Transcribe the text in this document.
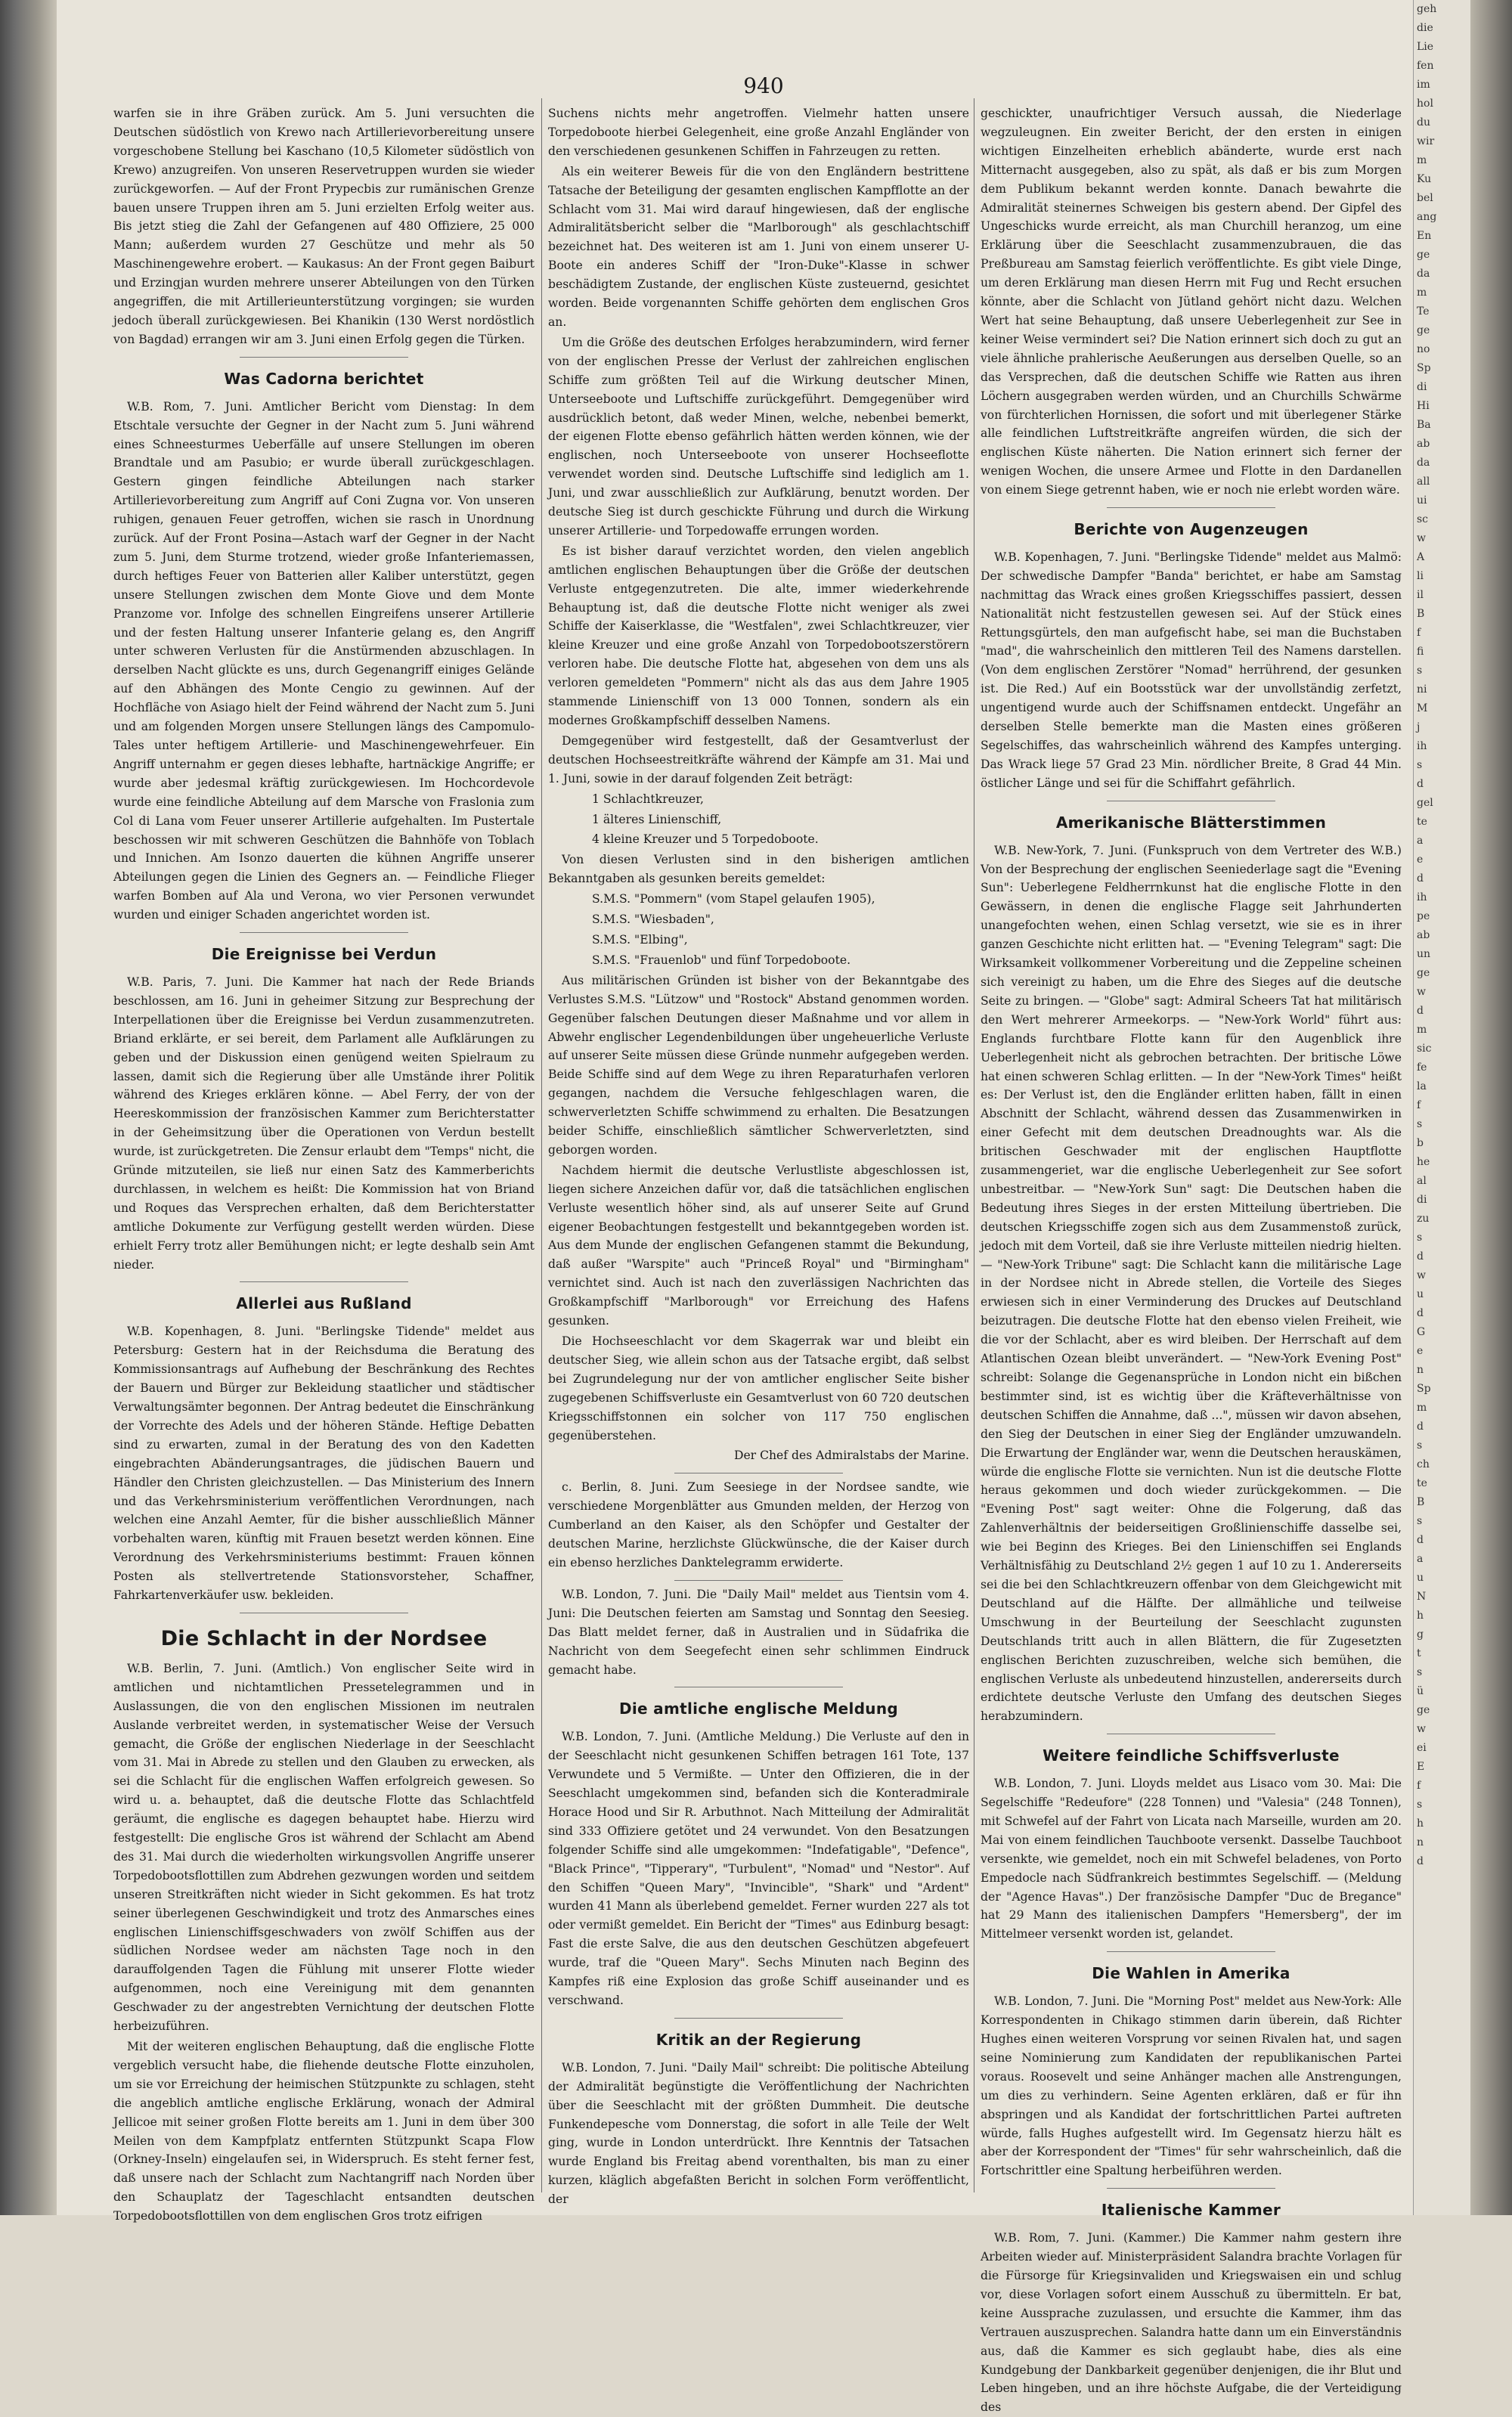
940

warfen sie in ihre Gräben zurück. Am 5. Juni versuchten die Deutschen südöstlich von Krewo nach Artillerievorbereitung unsere vorgeschobene Stellung bei Kaschano (10,5 Kilometer südöstlich von Krewo) anzugreifen. Von unseren Reservetruppen wurden sie wieder zurückgeworfen. — Auf der Front Prypecbis zur rumänischen Grenze bauen unsere Truppen ihren am 5. Juni erzielten Erfolg weiter aus. Bis jetzt stieg die Zahl der Gefangenen auf 480 Offiziere, 25 000 Mann; außerdem wurden 27 Geschütze und mehr als 50 Maschinengewehre erobert. — Kaukasus: An der Front gegen Baiburt und Erzingjan wurden mehrere unserer Abteilungen von den Türken angegriffen, die mit Artillerieunterstützung vorgingen; sie wurden jedoch überall zurückgewiesen. Bei Khanikin (130 Werst nordöstlich von Bagdad) errangen wir am 3. Juni einen Erfolg gegen die Türken.

Was Cadorna berichtet

W.B. Rom, 7. Juni. Amtlicher Bericht vom Dienstag: In dem Etschtale versuchte der Gegner in der Nacht zum 5. Juni während eines Schneesturmes Ueberfälle auf unsere Stellungen im oberen Brandtale und am Pasubio; er wurde überall zurückgeschlagen. Gestern gingen feindliche Abteilungen nach starker Artillerievorbereitung zum Angriff auf Coni Zugna vor. Von unseren ruhigen, genauen Feuer getroffen, wichen sie rasch in Unordnung zurück. Auf der Front Posina—Astach warf der Gegner in der Nacht zum 5. Juni, dem Sturme trotzend, wieder große Infanteriemassen, durch heftiges Feuer von Batterien aller Kaliber unterstützt, gegen unsere Stellungen zwischen dem Monte Giove und dem Monte Pranzome vor. Infolge des schnellen Eingreifens unserer Artillerie und der festen Haltung unserer Infanterie gelang es, den Angriff unter schweren Verlusten für die Anstürmenden abzuschlagen. In derselben Nacht glückte es uns, durch Gegenangriff einiges Gelände auf den Abhängen des Monte Cengio zu gewinnen. Auf der Hochfläche von Asiago hielt der Feind während der Nacht zum 5. Juni und am folgenden Morgen unsere Stellungen längs des Campomulo-Tales unter heftigem Artillerie- und Maschinengewehrfeuer. Ein Angriff unternahm er gegen dieses lebhafte, hartnäckige Angriffe; er wurde aber jedesmal kräftig zurückgewiesen. Im Hochcordevole wurde eine feindliche Abteilung auf dem Marsche von Fraslonia zum Col di Lana vom Feuer unserer Artillerie aufgehalten. Im Pustertale beschossen wir mit schweren Geschützen die Bahnhöfe von Toblach und Innichen. Am Isonzo dauerten die kühnen Angriffe unserer Abteilungen gegen die Linien des Gegners an. — Feindliche Flieger warfen Bomben auf Ala und Verona, wo vier Personen verwundet wurden und einiger Schaden angerichtet worden ist.

Die Ereignisse bei Verdun

W.B. Paris, 7. Juni. Die Kammer hat nach der Rede Briands beschlossen, am 16. Juni in geheimer Sitzung zur Besprechung der Interpellationen über die Ereignisse bei Verdun zusammenzutreten. Briand erklärte, er sei bereit, dem Parlament alle Aufklärungen zu geben und der Diskussion einen genügend weiten Spielraum zu lassen, damit sich die Regierung über alle Umstände ihrer Politik während des Krieges erklären könne. — Abel Ferry, der von der Heereskommission der französischen Kammer zum Berichterstatter in der Geheimsitzung über die Operationen von Verdun bestellt wurde, ist zurückgetreten. Die Zensur erlaubt dem "Temps" nicht, die Gründe mitzuteilen, sie ließ nur einen Satz des Kammerberichts durchlassen, in welchem es heißt: Die Kommission hat von Briand und Roques das Versprechen erhalten, daß dem Berichterstatter amtliche Dokumente zur Verfügung gestellt werden würden. Diese erhielt Ferry trotz aller Bemühungen nicht; er legte deshalb sein Amt nieder.

Allerlei aus Rußland

W.B. Kopenhagen, 8. Juni. "Berlingske Tidende" meldet aus Petersburg: Gestern hat in der Reichsduma die Beratung des Kommissionsantrags auf Aufhebung der Beschränkung des Rechtes der Bauern und Bürger zur Bekleidung staatlicher und städtischer Verwaltungsämter begonnen. Der Antrag bedeutet die Einschränkung der Vorrechte des Adels und der höheren Stände. Heftige Debatten sind zu erwarten, zumal in der Beratung des von den Kadetten eingebrachten Abänderungsantrages, die jüdischen Bauern und Händler den Christen gleichzustellen. — Das Ministerium des Innern und das Verkehrsministerium veröffentlichen Verordnungen, nach welchen eine Anzahl Aemter, für die bisher ausschließlich Männer vorbehalten waren, künftig mit Frauen besetzt werden können. Eine Verordnung des Verkehrsministeriums bestimmt: Frauen können Posten als stellvertretende Stationsvorsteher, Schaffner, Fahrkartenverkäufer usw. bekleiden.

Die Schlacht in der Nordsee

W.B. Berlin, 7. Juni. (Amtlich.) Von englischer Seite wird in amtlichen und nichtamtlichen Pressetelegrammen und in Auslassungen, die von den englischen Missionen im neutralen Auslande verbreitet werden, in systematischer Weise der Versuch gemacht, die Größe der englischen Niederlage in der Seeschlacht vom 31. Mai in Abrede zu stellen und den Glauben zu erwecken, als sei die Schlacht für die englischen Waffen erfolgreich gewesen. So wird u. a. behauptet, daß die deutsche Flotte das Schlachtfeld geräumt, die englische es dagegen behauptet habe. Hierzu wird festgestellt: Die englische Gros ist während der Schlacht am Abend des 31. Mai durch die wiederholten wirkungsvollen Angriffe unserer Torpedobootsflottillen zum Abdrehen gezwungen worden und seitdem unseren Streitkräften nicht wieder in Sicht gekommen. Es hat trotz seiner überlegenen Geschwindigkeit und trotz des Anmarsches eines englischen Linienschiffsgeschwaders von zwölf Schiffen aus der südlichen Nordsee weder am nächsten Tage noch in den darauffolgenden Tagen die Fühlung mit unserer Flotte wieder aufgenommen, noch eine Vereinigung mit dem genannten Geschwader zu der angestrebten Vernichtung der deutschen Flotte herbeizuführen.

Mit der weiteren englischen Behauptung, daß die englische Flotte vergeblich versucht habe, die fliehende deutsche Flotte einzuholen, um sie vor Erreichung der heimischen Stützpunkte zu schlagen, steht die angeblich amtliche englische Erklärung, wonach der Admiral Jellicoe mit seiner großen Flotte bereits am 1. Juni in dem über 300 Meilen von dem Kampfplatz entfernten Stützpunkt Scapa Flow (Orkney-Inseln) eingelaufen sei, in Widerspruch. Es steht ferner fest, daß unsere nach der Schlacht zum Nachtangriff nach Norden über den Schauplatz der Tageschlacht entsandten deutschen Torpedobootsflottillen von dem englischen Gros trotz eifrigen

Suchens nichts mehr angetroffen. Vielmehr hatten unsere Torpedoboote hierbei Gelegenheit, eine große Anzahl Engländer von den verschiedenen gesunkenen Schiffen in Fahrzeugen zu retten.

Als ein weiterer Beweis für die von den Engländern bestrittene Tatsache der Beteiligung der gesamten englischen Kampfflotte an der Schlacht vom 31. Mai wird darauf hingewiesen, daß der englische Admiralitätsbericht selber die "Marlborough" als geschlachtschiff bezeichnet hat. Des weiteren ist am 1. Juni von einem unserer U-Boote ein anderes Schiff der "Iron-Duke"-Klasse in schwer beschädigtem Zustande, der englischen Küste zusteuernd, gesichtet worden. Beide vorgenannten Schiffe gehörten dem englischen Gros an.

Um die Größe des deutschen Erfolges herabzumindern, wird ferner von der englischen Presse der Verlust der zahlreichen englischen Schiffe zum größten Teil auf die Wirkung deutscher Minen, Unterseeboote und Luftschiffe zurückgeführt. Demgegenüber wird ausdrücklich betont, daß weder Minen, welche, nebenbei bemerkt, der eigenen Flotte ebenso gefährlich hätten werden können, wie der englischen, noch Unterseeboote von unserer Hochseeflotte verwendet worden sind. Deutsche Luftschiffe sind lediglich am 1. Juni, und zwar ausschließlich zur Aufklärung, benutzt worden. Der deutsche Sieg ist durch geschickte Führung und durch die Wirkung unserer Artillerie- und Torpedowaffe errungen worden.

Es ist bisher darauf verzichtet worden, den vielen angeblich amtlichen englischen Behauptungen über die Größe der deutschen Verluste entgegenzutreten. Die alte, immer wiederkehrende Behauptung ist, daß die deutsche Flotte nicht weniger als zwei Schiffe der Kaiserklasse, die "Westfalen", zwei Schlachtkreuzer, vier kleine Kreuzer und eine große Anzahl von Torpedobootszerstörern verloren habe. Die deutsche Flotte hat, abgesehen von dem uns als verloren gemeldeten "Pommern" nicht als das aus dem Jahre 1905 stammende Linienschiff von 13 000 Tonnen, sondern als ein modernes Großkampfschiff desselben Namens.

Demgegenüber wird festgestellt, daß der Gesamtverlust der deutschen Hochseestreitkräfte während der Kämpfe am 31. Mai und 1. Juni, sowie in der darauf folgenden Zeit beträgt:

1 Schlachtkreuzer,

1 älteres Linienschiff,

4 kleine Kreuzer und 5 Torpedoboote.

Von diesen Verlusten sind in den bisherigen amtlichen Bekanntgaben als gesunken bereits gemeldet:

S.M.S. "Pommern" (vom Stapel gelaufen 1905),

S.M.S. "Wiesbaden",

S.M.S. "Elbing",

S.M.S. "Frauenlob" und fünf Torpedoboote.

Aus militärischen Gründen ist bisher von der Bekanntgabe des Verlustes S.M.S. "Lützow" und "Rostock" Abstand genommen worden. Gegenüber falschen Deutungen dieser Maßnahme und vor allem in Abwehr englischer Legendenbildungen über ungeheuerliche Verluste auf unserer Seite müssen diese Gründe nunmehr aufgegeben werden. Beide Schiffe sind auf dem Wege zu ihren Reparaturhafen verloren gegangen, nachdem die Versuche fehlgeschlagen waren, die schwerverletzten Schiffe schwimmend zu erhalten. Die Besatzungen beider Schiffe, einschließlich sämtlicher Schwerverletzten, sind geborgen worden.

Nachdem hiermit die deutsche Verlustliste abgeschlossen ist, liegen sichere Anzeichen dafür vor, daß die tatsächlichen englischen Verluste wesentlich höher sind, als auf unserer Seite auf Grund eigener Beobachtungen festgestellt und bekanntgegeben worden ist. Aus dem Munde der englischen Gefangenen stammt die Bekundung, daß außer "Warspite" auch "Princeß Royal" und "Birmingham" vernichtet sind. Auch ist nach den zuverlässigen Nachrichten das Großkampfschiff "Marlborough" vor Erreichung des Hafens gesunken.

Die Hochseeschlacht vor dem Skagerrak war und bleibt ein deutscher Sieg, wie allein schon aus der Tatsache ergibt, daß selbst bei Zugrundelegung nur der von amtlicher englischer Seite bisher zugegebenen Schiffsverluste ein Gesamtverlust von 60 720 deutschen Kriegsschiffstonnen ein solcher von 117 750 englischen gegenüberstehen.

Der Chef des Admiralstabs der Marine.

c. Berlin, 8. Juni. Zum Seesiege in der Nordsee sandte, wie verschiedene Morgenblätter aus Gmunden melden, der Herzog von Cumberland an den Kaiser, als den Schöpfer und Gestalter der deutschen Marine, herzlichste Glückwünsche, die der Kaiser durch ein ebenso herzliches Danktelegramm erwiderte.

W.B. London, 7. Juni. Die "Daily Mail" meldet aus Tientsin vom 4. Juni: Die Deutschen feierten am Samstag und Sonntag den Seesieg. Das Blatt meldet ferner, daß in Australien und in Südafrika die Nachricht von dem Seegefecht einen sehr schlimmen Eindruck gemacht habe.

Die amtliche englische Meldung

W.B. London, 7. Juni. (Amtliche Meldung.) Die Verluste auf den in der Seeschlacht nicht gesunkenen Schiffen betragen 161 Tote, 137 Verwundete und 5 Vermißte. — Unter den Offizieren, die in der Seeschlacht umgekommen sind, befanden sich die Konteradmirale Horace Hood und Sir R. Arbuthnot. Nach Mitteilung der Admiralität sind 333 Offiziere getötet und 24 verwundet. Von den Besatzungen folgender Schiffe sind alle umgekommen: "Indefatigable", "Defence", "Black Prince", "Tipperary", "Turbulent", "Nomad" und "Nestor". Auf den Schiffen "Queen Mary", "Invincible", "Shark" und "Ardent" wurden 41 Mann als überlebend gemeldet. Ferner wurden 227 als tot oder vermißt gemeldet. Ein Bericht der "Times" aus Edinburg besagt: Fast die erste Salve, die aus den deutschen Geschützen abgefeuert wurde, traf die "Queen Mary". Sechs Minuten nach Beginn des Kampfes riß eine Explosion das große Schiff auseinander und es verschwand.

Kritik an der Regierung

W.B. London, 7. Juni. "Daily Mail" schreibt: Die politische Abteilung der Admiralität begünstigte die Veröffentlichung der Nachrichten über die Seeschlacht mit der größten Dummheit. Die deutsche Funkendepesche vom Donnerstag, die sofort in alle Teile der Welt ging, wurde in London unterdrückt. Ihre Kenntnis der Tatsachen wurde England bis Freitag abend vorenthalten, bis man zu einer kurzen, kläglich abgefaßten Bericht in solchen Form veröffentlicht, der

geschickter, unaufrichtiger Versuch aussah, die Niederlage wegzuleugnen. Ein zweiter Bericht, der den ersten in einigen wichtigen Einzelheiten erheblich abänderte, wurde erst nach Mitternacht ausgegeben, also zu spät, als daß er bis zum Morgen dem Publikum bekannt werden konnte. Danach bewahrte die Admiralität steinernes Schweigen bis gestern abend. Der Gipfel des Ungeschicks wurde erreicht, als man Churchill heranzog, um eine Erklärung über die Seeschlacht zusammenzubrauen, die das Preßbureau am Samstag feierlich veröffentlichte. Es gibt viele Dinge, um deren Erklärung man diesen Herrn mit Fug und Recht ersuchen könnte, aber die Schlacht von Jütland gehört nicht dazu. Welchen Wert hat seine Behauptung, daß unsere Ueberlegenheit zur See in keiner Weise vermindert sei? Die Nation erinnert sich doch zu gut an viele ähnliche prahlerische Aeußerungen aus derselben Quelle, so an das Versprechen, daß die deutschen Schiffe wie Ratten aus ihren Löchern ausgegraben werden würden, und an Churchills Schwärme von fürchterlichen Hornissen, die sofort und mit überlegener Stärke alle feindlichen Luftstreitkräfte angreifen würden, die sich der englischen Küste näherten. Die Nation erinnert sich ferner der wenigen Wochen, die unsere Armee und Flotte in den Dardanellen von einem Siege getrennt haben, wie er noch nie erlebt worden wäre.

Berichte von Augenzeugen

W.B. Kopenhagen, 7. Juni. "Berlingske Tidende" meldet aus Malmö: Der schwedische Dampfer "Banda" berichtet, er habe am Samstag nachmittag das Wrack eines großen Kriegsschiffes passiert, dessen Nationalität nicht festzustellen gewesen sei. Auf der Stück eines Rettungsgürtels, den man aufgefischt habe, sei man die Buchstaben "mad", die wahrscheinlich den mittleren Teil des Namens darstellen. (Von dem englischen Zerstörer "Nomad" herrührend, der gesunken ist. Die Red.) Auf ein Bootsstück war der unvollständig zerfetzt, ungentigend wurde auch der Schiffsnamen entdeckt. Ungefähr an derselben Stelle bemerkte man die Masten eines größeren Segelschiffes, das wahrscheinlich während des Kampfes unterging. Das Wrack liege 57 Grad 23 Min. nördlicher Breite, 8 Grad 44 Min. östlicher Länge und sei für die Schiffahrt gefährlich.

Amerikanische Blätterstimmen

W.B. New-York, 7. Juni. (Funkspruch von dem Vertreter des W.B.) Von der Besprechung der englischen Seeniederlage sagt die "Evening Sun": Ueberlegene Feldherrnkunst hat die englische Flotte in den Gewässern, in denen die englische Flagge seit Jahrhunderten unangefochten wehen, einen Schlag versetzt, wie sie es in ihrer ganzen Geschichte nicht erlitten hat. — "Evening Telegram" sagt: Die Wirksamkeit vollkommener Vorbereitung und die Zeppeline scheinen sich vereinigt zu haben, um die Ehre des Sieges auf die deutsche Seite zu bringen. — "Globe" sagt: Admiral Scheers Tat hat militärisch den Wert mehrerer Armeekorps. — "New-York World" führt aus: Englands furchtbare Flotte kann für den Augenblick ihre Ueberlegenheit nicht als gebrochen betrachten. Der britische Löwe hat einen schweren Schlag erlitten. — In der "New-York Times" heißt es: Der Verlust ist, den die Engländer erlitten haben, fällt in einen Abschnitt der Schlacht, während dessen das Zusammenwirken in einer Gefecht mit dem deutschen Dreadnoughts war. Als die britischen Geschwader mit der englischen Hauptflotte zusammengeriet, war die englische Ueberlegenheit zur See sofort unbestreitbar. — "New-York Sun" sagt: Die Deutschen haben die Bedeutung ihres Sieges in der ersten Mitteilung übertrieben. Die deutschen Kriegsschiffe zogen sich aus dem Zusammenstoß zurück, jedoch mit dem Vorteil, daß sie ihre Verluste mitteilen niedrig hielten. — "New-York Tribune" sagt: Die Schlacht kann die militärische Lage in der Nordsee nicht in Abrede stellen, die Vorteile des Sieges erwiesen sich in einer Verminderung des Druckes auf Deutschland beizutragen. Die deutsche Flotte hat den ebenso vielen Freiheit, wie die vor der Schlacht, aber es wird bleiben. Der Herrschaft auf dem Atlantischen Ozean bleibt unverändert. — "New-York Evening Post" schreibt: Solange die Gegenansprüche in London nicht ein bißchen bestimmter sind, ist es wichtig über die Kräfteverhältnisse von deutschen Schiffen die Annahme, daß ...", müssen wir davon absehen, den Sieg der Deutschen in einer Sieg der Engländer umzuwandeln. Die Erwartung der Engländer war, wenn die Deutschen herauskämen, würde die englische Flotte sie vernichten. Nun ist die deutsche Flotte heraus gekommen und doch wieder zurückgekommen. — Die "Evening Post" sagt weiter: Ohne die Folgerung, daß das Zahlenverhältnis der beiderseitigen Großlinienschiffe dasselbe sei, wie bei Beginn des Krieges. Bei den Linienschiffen sei Englands Verhältnisfähig zu Deutschland 2½ gegen 1 auf 10 zu 1. Andererseits sei die bei den Schlachtkreuzern offenbar von dem Gleichgewicht mit Deutschland auf die Hälfte. Der allmähliche und teilweise Umschwung in der Beurteilung der Seeschlacht zugunsten Deutschlands tritt auch in allen Blättern, die für Zugesetzten englischen Berichten zuzuschreiben, welche sich bemühen, die englischen Verluste als unbedeutend hinzustellen, andererseits durch erdichtete deutsche Verluste den Umfang des deutschen Sieges herabzumindern.

Weitere feindliche Schiffsverluste

W.B. London, 7. Juni. Lloyds meldet aus Lisaco vom 30. Mai: Die Segelschiffe "Redeufore" (228 Tonnen) und "Valesia" (248 Tonnen), mit Schwefel auf der Fahrt von Licata nach Marseille, wurden am 20. Mai von einem feindlichen Tauchboote versenkt. Dasselbe Tauchboot versenkte, wie gemeldet, noch ein mit Schwefel beladenes, von Porto Empedocle nach Südfrankreich bestimmtes Segelschiff. — (Meldung der "Agence Havas".) Der französische Dampfer "Duc de Bregance" hat 29 Mann des italienischen Dampfers "Hemersberg", der im Mittelmeer versenkt worden ist, gelandet.

Die Wahlen in Amerika

W.B. London, 7. Juni. Die "Morning Post" meldet aus New-York: Alle Korrespondenten in Chikago stimmen darin überein, daß Richter Hughes einen weiteren Vorsprung vor seinen Rivalen hat, und sagen seine Nominierung zum Kandidaten der republikanischen Partei voraus. Roosevelt und seine Anhänger machen alle Anstrengungen, um dies zu verhindern. Seine Agenten erklären, daß er für ihn abspringen und als Kandidat der fortschrittlichen Partei auftreten würde, falls Hughes aufgestellt wird. Im Gegensatz hierzu hält es aber der Korrespondent der "Times" für sehr wahrscheinlich, daß die Fortschrittler eine Spaltung herbeiführen werden.

Italienische Kammer

W.B. Rom, 7. Juni. (Kammer.) Die Kammer nahm gestern ihre Arbeiten wieder auf. Ministerpräsident Salandra brachte Vorlagen für die Fürsorge für Kriegsinvaliden und Kriegswaisen ein und schlug vor, diese Vorlagen sofort einem Ausschuß zu übermitteln. Er bat, keine Aussprache zuzulassen, und ersuchte die Kammer, ihm das Vertrauen auszusprechen. Salandra hatte dann um ein Einverständnis aus, daß die Kammer es sich geglaubt habe, dies als eine Kundgebung der Dankbarkeit gegenüber denjenigen, die ihr Blut und Leben hingeben, und an ihre höchste Aufgabe, die der Verteidigung des

geh
die
Lie
fen
im
hol
du
wir
m
Ku
bel
ang
En
ge
da
m
Te
ge
no
Sp
di
Hi
Ba
ab
da
all
ui
sc
w
A
li
il
B
f
fi
s
ni
M
j
ih
s
d
gel
te
a
e
d
ih
pe
ab
un
ge
w
d
m
sic
fe
la
f
s
b
he
al
di
zu
s
d
w
u
d
G
e
n
Sp
m
d
s
ch
te
B
s
d
a
u
N
h
g
t
s
ü
ge
w
ei
E
f
s
h
n
d
